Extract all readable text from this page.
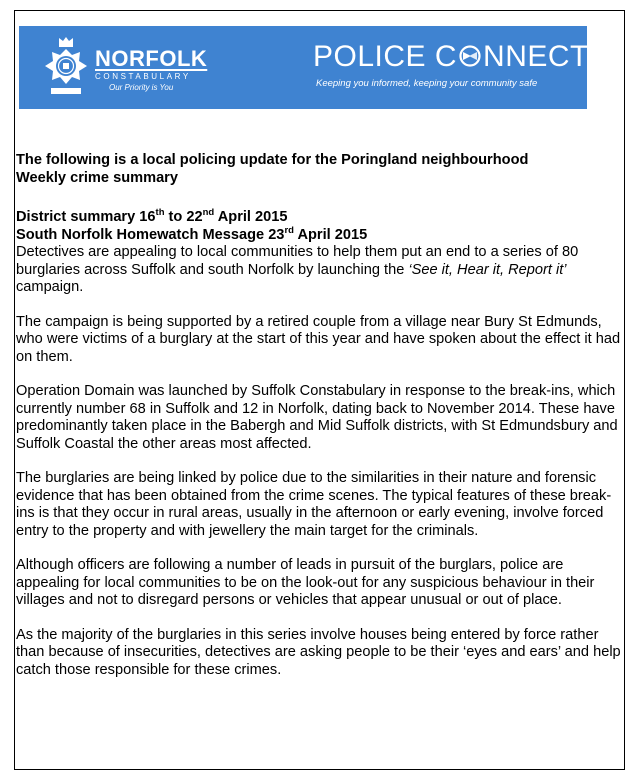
NORFOLK
CONSTABULARY
Our Priority is You
POLICE C NNECT
Keeping you informed, keeping your community safe

The following is a local policing update for the Poringland neighbourhood

Weekly crime summary

District summary 16th to 22nd April 2015

South Norfolk Homewatch Message 23rd April 2015

Detectives are appealing to local communities to help them put an end to a series of 80 burglaries across Suffolk and south Norfolk by launching the ‘See it, Hear it, Report it’ campaign.

The campaign is being supported by a retired couple from a village near Bury St Edmunds, who were victims of a burglary at the start of this year and have spoken about the effect it had on them.

Operation Domain was launched by Suffolk Constabulary in response to the break-ins, which currently number 68 in Suffolk and 12 in Norfolk, dating back to November 2014. These have predominantly taken place in the Babergh and Mid Suffolk districts, with St Edmundsbury and Suffolk Coastal the other areas most affected.

The burglaries are being linked by police due to the similarities in their nature and forensic evidence that has been obtained from the crime scenes. The typical features of these break-ins is that they occur in rural areas, usually in the afternoon or early evening, involve forced entry to the property and with jewellery the main target for the criminals.

Although officers are following a number of leads in pursuit of the burglars, police are appealing for local communities to be on the look-out for any suspicious behaviour in their villages and not to disregard persons or vehicles that appear unusual or out of place.

As the majority of the burglaries in this series involve houses being entered by force rather than because of insecurities, detectives are asking people to be their ‘eyes and ears’ and help catch those responsible for these crimes.
